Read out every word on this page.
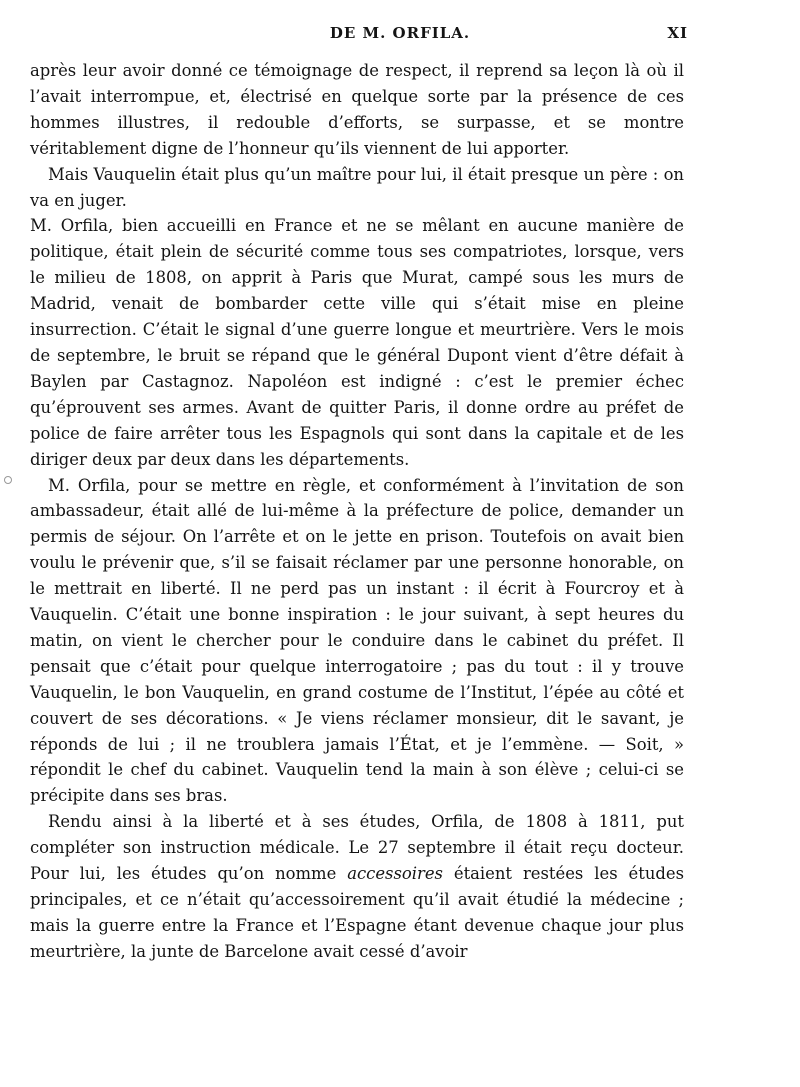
DE M. ORFILA.	XI

après leur avoir donné ce témoignage de respect, il reprend sa leçon là où il l’avait interrompue, et, électrisé en quelque sorte par la présence de ces hommes illustres, il redouble d’efforts, se surpasse, et se montre véritablement digne de l’honneur qu’ils viennent de lui apporter.

Mais Vauquelin était plus qu’un maître pour lui, il était presque un père : on va en juger.

M. Orfila, bien accueilli en France et ne se mêlant en aucune manière de politique, était plein de sécurité comme tous ses compatriotes, lorsque, vers le milieu de 1808, on apprit à Paris que Murat, campé sous les murs de Madrid, venait de bombarder cette ville qui s’était mise en pleine insurrection. C’était le signal d’une guerre longue et meurtrière. Vers le mois de septembre, le bruit se répand que le général Dupont vient d’être défait à Baylen par Castagnoz. Napoléon est indigné : c’est le premier échec qu’éprouvent ses armes. Avant de quitter Paris, il donne ordre au préfet de police de faire arrêter tous les Espagnols qui sont dans la capitale et de les diriger deux par deux dans les départements.

M. Orfila, pour se mettre en règle, et conformément à l’invitation de son ambassadeur, était allé de lui-même à la préfecture de police, demander un permis de séjour. On l’arrête et on le jette en prison. Toutefois on avait bien voulu le prévenir que, s’il se faisait réclamer par une personne honorable, on le mettrait en liberté. Il ne perd pas un instant : il écrit à Fourcroy et à Vauquelin. C’était une bonne inspiration : le jour suivant, à sept heures du matin, on vient le chercher pour le conduire dans le cabinet du préfet. Il pensait que c’était pour quelque interrogatoire ; pas du tout : il y trouve Vauquelin, le bon Vauquelin, en grand costume de l’Institut, l’épée au côté et couvert de ses décorations. « Je viens réclamer monsieur, dit le savant, je réponds de lui ; il ne troublera jamais l’État, et je l’emmène. — Soit, » répondit le chef du cabinet. Vauquelin tend la main à son élève ; celui-ci se précipite dans ses bras.

Rendu ainsi à la liberté et à ses études, Orfila, de 1808 à 1811, put compléter son instruction médicale. Le 27 septembre il était reçu docteur. Pour lui, les études qu’on nomme accessoires étaient restées les études principales, et ce n’était qu’accessoirement qu’il avait étudié la médecine ; mais la guerre entre la France et l’Espagne étant devenue chaque jour plus meurtrière, la junte de Barcelone avait cessé d’avoir
